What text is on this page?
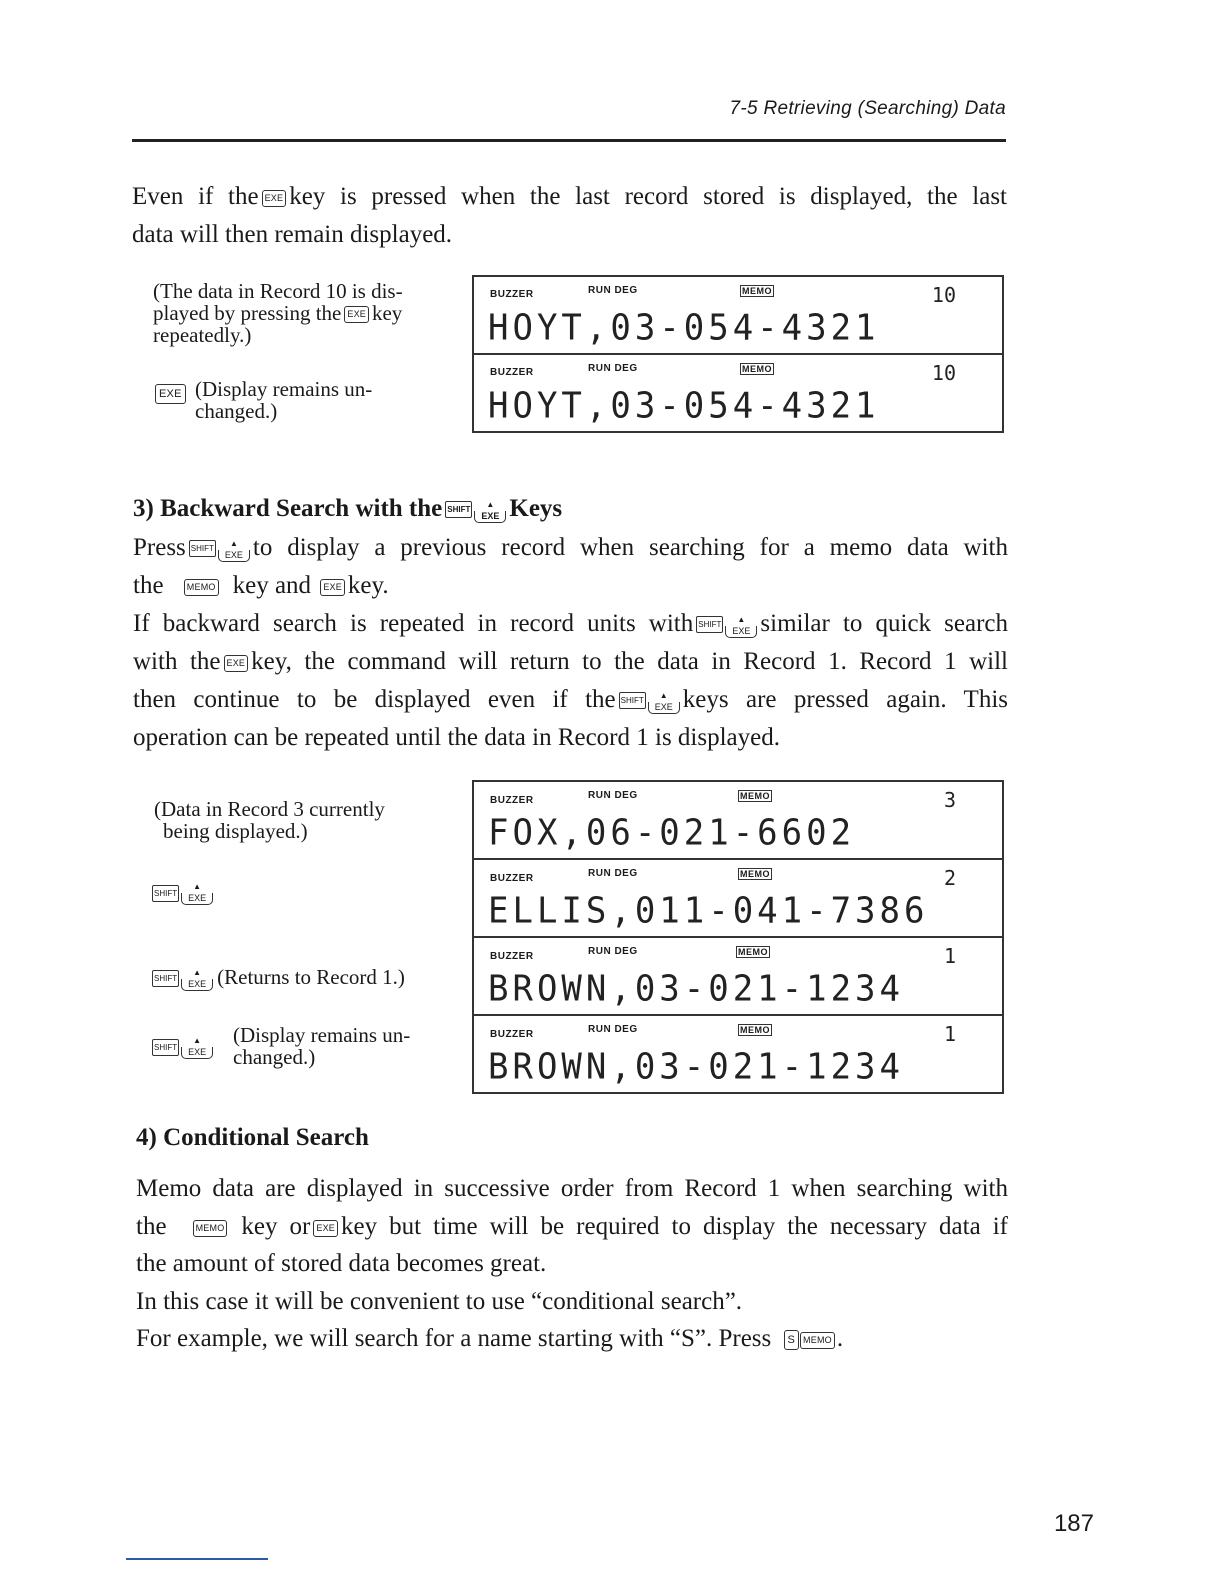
7-5 Retrieving (Searching) Data
Even if the EXE key is pressed when the last record stored is displayed, the last
data will then remain displayed.
(The data in Record 10 is dis-
played by pressing the EXE key
repeatedly.)
EXE (Display remains un-
changed.)
BUZZER	RUN DEG	MEMO	10
HOYT,03-054-4321
BUZZER	RUN DEG	MEMO	10
HOYT,03-054-4321
3) Backward Search with the SHIFT▲ EXE Keys
Press SHIFT▲ EXE to display a previous record when searching for a memo data with
the	MEMO key and EXE key.
If backward search is repeated in record units with SHIFT▲ EXE similar to quick search
with the EXE key, the command will return to the data in Record 1. Record 1 will
then continue to be displayed even if the SHIFT▲ EXE keys are pressed again. This
operation can be repeated until the data in Record 1 is displayed.
(Data in Record 3 currently
being displayed.)
SHIFT ▲ EXE
SHIFT▲ EXE (Returns to Record 1.)
SHIFT ▲ EXE
(Display remains un-
changed.)
BUZZER	RUN DEG	MEMO	3
FOX,06-021-6602
BUZZER	RUN DEG	MEMO	2
ELLIS,011-041-7386
BUZZER	RUN DEG	MEMO	1
BROWN,03-021-1234
BUZZER	RUN DEG	MEMO	1
BROWN,03-021-1234
4) Conditional Search
Memo data are displayed in successive order from Record 1 when searching with
the	MEMO key or EXE key but time will be required to display the necessary data if
the amount of stored data becomes great.
In this case it will be convenient to use “conditional search”.
For example, we will search for a name starting with “S”. Press S MEMO .
187
